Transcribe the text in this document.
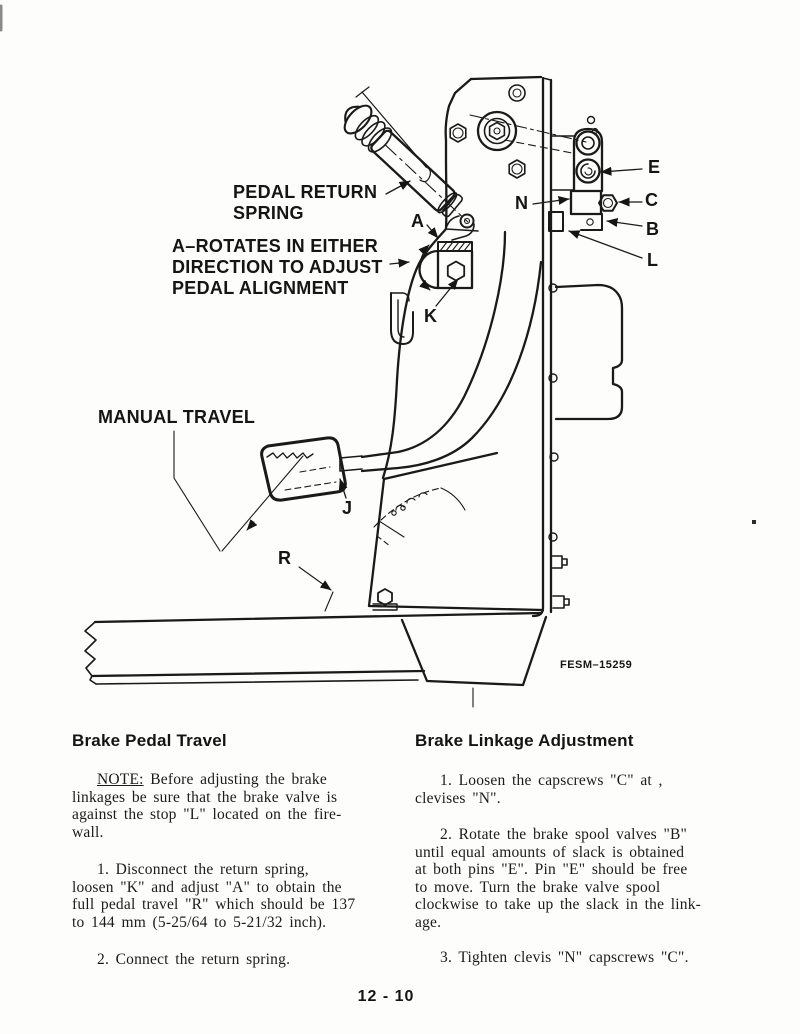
PEDAL RETURN
SPRING
A–ROTATES IN EITHER
DIRECTION TO ADJUST
PEDAL ALIGNMENT
MANUAL TRAVEL
A
K
N
E
C
B
L
J
R
FESM–15259
Brake Pedal Travel
NOTE: Before adjusting the brake
linkages be sure that the brake valve is
against the stop "L" located on the fire-
wall.
1. Disconnect the return spring,
loosen "K" and adjust "A" to obtain the
full pedal travel "R" which should be 137
to 144 mm (5-25/64 to 5-21/32 inch).
2. Connect the return spring.
Brake Linkage Adjustment
1. Loosen the capscrews "C" at ,
clevises "N".
2. Rotate the brake spool valves "B"
until equal amounts of slack is obtained
at both pins "E". Pin "E" should be free
to move. Turn the brake valve spool
clockwise to take up the slack in the link-
age.
3. Tighten clevis "N" capscrews "C".
12 - 10
